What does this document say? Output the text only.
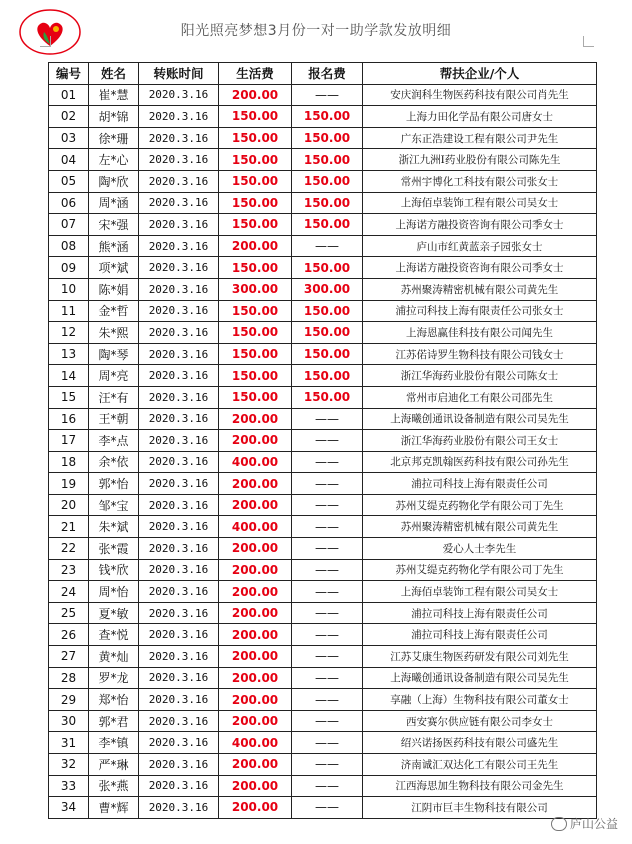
阳光照亮梦想3月份一对一助学款发放明细
编号	姓名	转账时间	生活费	报名费	帮扶企业/个人
01	崔*慧	2020.3.16	200.00	——	安庆润科生物医药科技有限公司肖先生
02	胡*锦	2020.3.16	150.00	150.00	上海力田化学品有限公司唐女士
03	徐*珊	2020.3.16	150.00	150.00	广东正浩建设工程有限公司尹先生
04	左*心	2020.3.16	150.00	150.00	浙江九洲Ⅰ药业股份有限公司陈先生
05	陶*欣	2020.3.16	150.00	150.00	常州宇博化工科技有限公司张女士
06	周*涵	2020.3.16	150.00	150.00	上海佰卓装饰工程有限公司吴女士
07	宋*强	2020.3.16	150.00	150.00	上海诺方融投资咨询有限公司季女士
08	熊*涵	2020.3.16	200.00	——	庐山市红黄蓝亲子园张女士
09	项*斌	2020.3.16	150.00	150.00	上海诺方融投资咨询有限公司季女士
10	陈*娟	2020.3.16	300.00	300.00	苏州聚涛精密机械有限公司黄先生
11	金*哲	2020.3.16	150.00	150.00	浦拉司科技上海有限责任公司张女士
12	朱*熙	2020.3.16	150.00	150.00	上海恩赢佳科技有限公司闻先生
13	陶*琴	2020.3.16	150.00	150.00	江苏偌诗罗生物科技有限公司钱女士
14	周*亮	2020.3.16	150.00	150.00	浙江华海药业股份有限公司陈女士
15	汪*有	2020.3.16	150.00	150.00	常州市启迪化工有限公司邵先生
16	王*朝	2020.3.16	200.00	——	上海曦创通讯设备制造有限公司吴先生
17	李*点	2020.3.16	200.00	——	浙江华海药业股份有限公司王女士
18	余*依	2020.3.16	400.00	——	北京邦克凯翰医药科技有限公司孙先生
19	郭*怡	2020.3.16	200.00	——	浦拉司科技上海有限责任公司
20	邹*宝	2020.3.16	200.00	——	苏州艾缇克药物化学有限公司丁先生
21	朱*斌	2020.3.16	400.00	——	苏州聚涛精密机械有限公司黄先生
22	张*霞	2020.3.16	200.00	——	爱心人士李先生
23	钱*欣	2020.3.16	200.00	——	苏州艾缇克药物化学有限公司丁先生
24	周*怡	2020.3.16	200.00	——	上海佰卓装饰工程有限公司吴女士
25	夏*敏	2020.3.16	200.00	——	浦拉司科技上海有限责任公司
26	查*悦	2020.3.16	200.00	——	浦拉司科技上海有限责任公司
27	黄*灿	2020.3.16	200.00	——	江苏艾康生物医药研发有限公司刘先生
28	罗*龙	2020.3.16	200.00	——	上海曦创通讯设备制造有限公司吴先生
29	郑*怡	2020.3.16	200.00	——	享融（上海）生物科技有限公司董女士
30	郭*君	2020.3.16	200.00	——	西安赛尔供应链有限公司李女士
31	李*镇	2020.3.16	400.00	——	绍兴诺扬医药科技有限公司盛先生
32	严*琳	2020.3.16	200.00	——	济南诚汇双达化工有限公司王先生
33	张*燕	2020.3.16	200.00	——	江西海思加生物科技有限公司金先生
34	曹*辉	2020.3.16	200.00	——	江阴市巨丰生物科技有限公司
庐山公益
